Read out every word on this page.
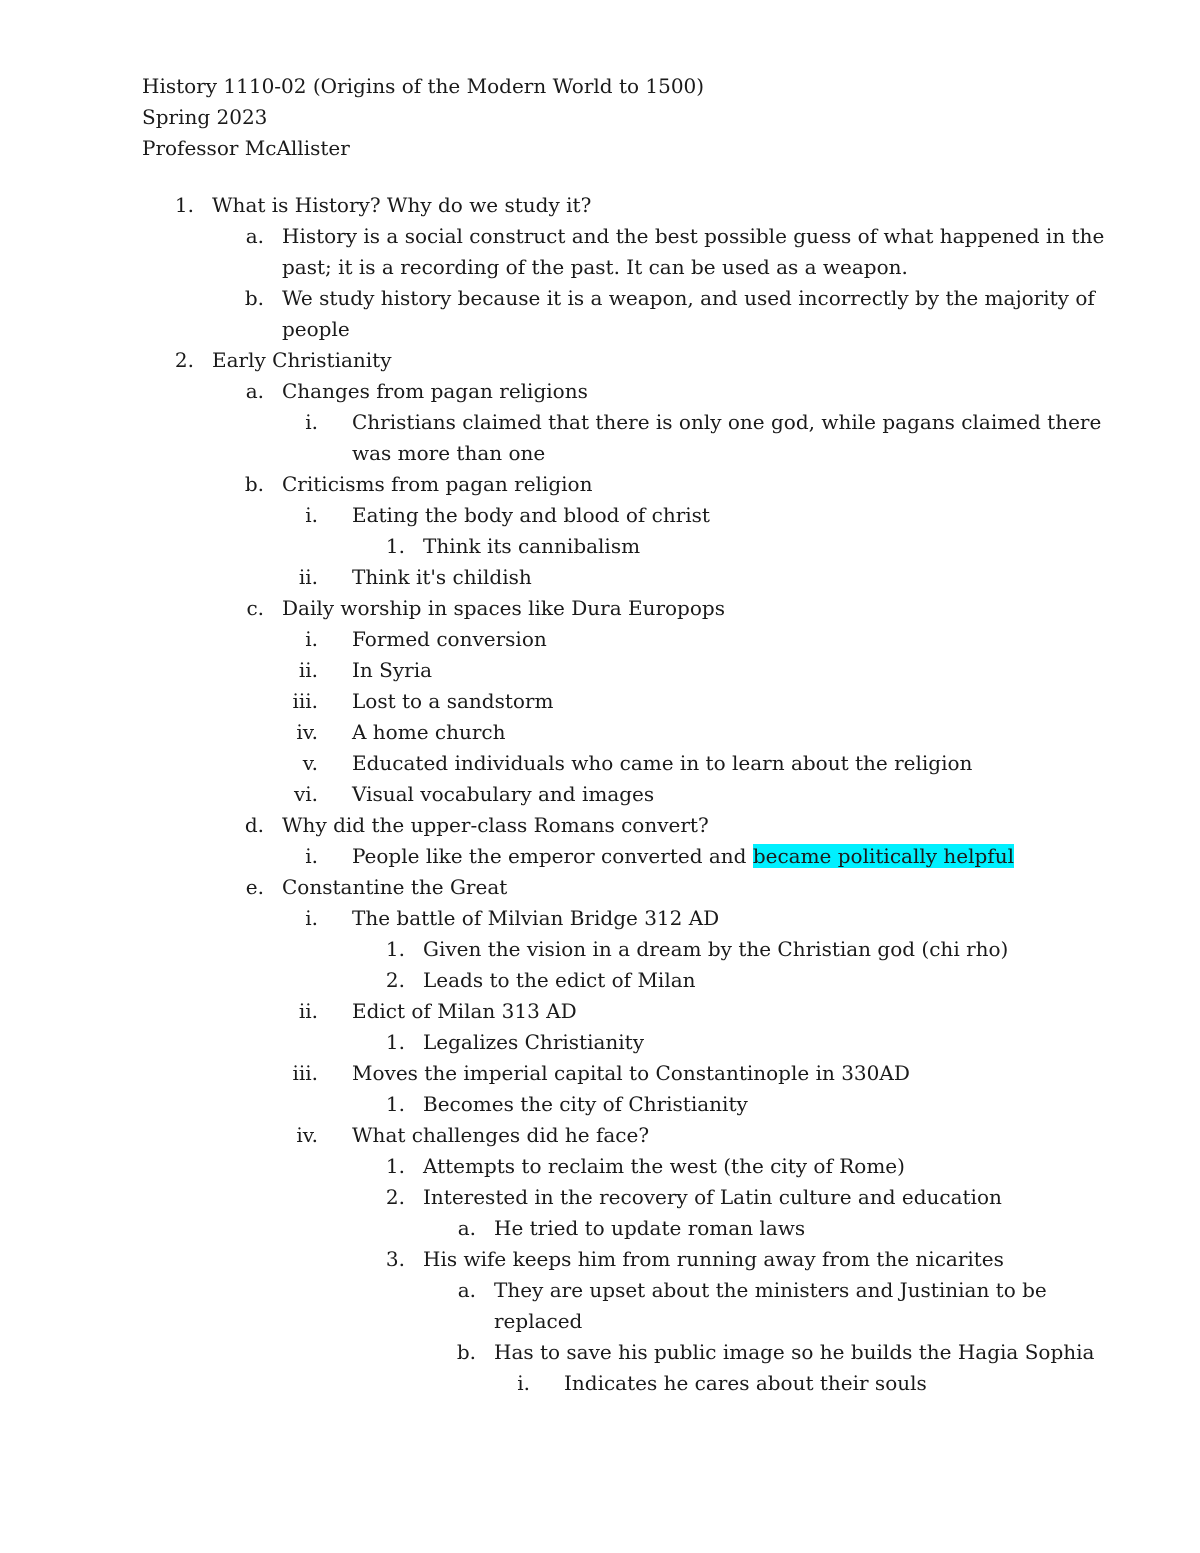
History 1110-02 (Origins of the Modern World to 1500)
Spring 2023
Professor McAllister
1. What is History? Why do we study it?
a. History is a social construct and the best possible guess of what happened in the
past; it is a recording of the past. It can be used as a weapon.
b. We study history because it is a weapon, and used incorrectly by the majority of
people
2. Early Christianity
a. Changes from pagan religions
i. Christians claimed that there is only one god, while pagans claimed there
was more than one
b. Criticisms from pagan religion
i. Eating the body and blood of christ
1. Think its cannibalism
ii. Think it's childish
c. Daily worship in spaces like Dura Europops
i. Formed conversion
ii. In Syria
iii. Lost to a sandstorm
iv. A home church
v. Educated individuals who came in to learn about the religion
vi. Visual vocabulary and images
d. Why did the upper-class Romans convert?
i. People like the emperor converted and became politically helpful
e. Constantine the Great
i. The battle of Milvian Bridge 312 AD
1. Given the vision in a dream by the Christian god (chi rho)
2. Leads to the edict of Milan
ii. Edict of Milan 313 AD
1. Legalizes Christianity
iii. Moves the imperial capital to Constantinople in 330AD
1. Becomes the city of Christianity
iv. What challenges did he face?
1. Attempts to reclaim the west (the city of Rome)
2. Interested in the recovery of Latin culture and education
a. He tried to update roman laws
3. His wife keeps him from running away from the nicarites
a. They are upset about the ministers and Justinian to be
replaced
b. Has to save his public image so he builds the Hagia Sophia
i. Indicates he cares about their souls
